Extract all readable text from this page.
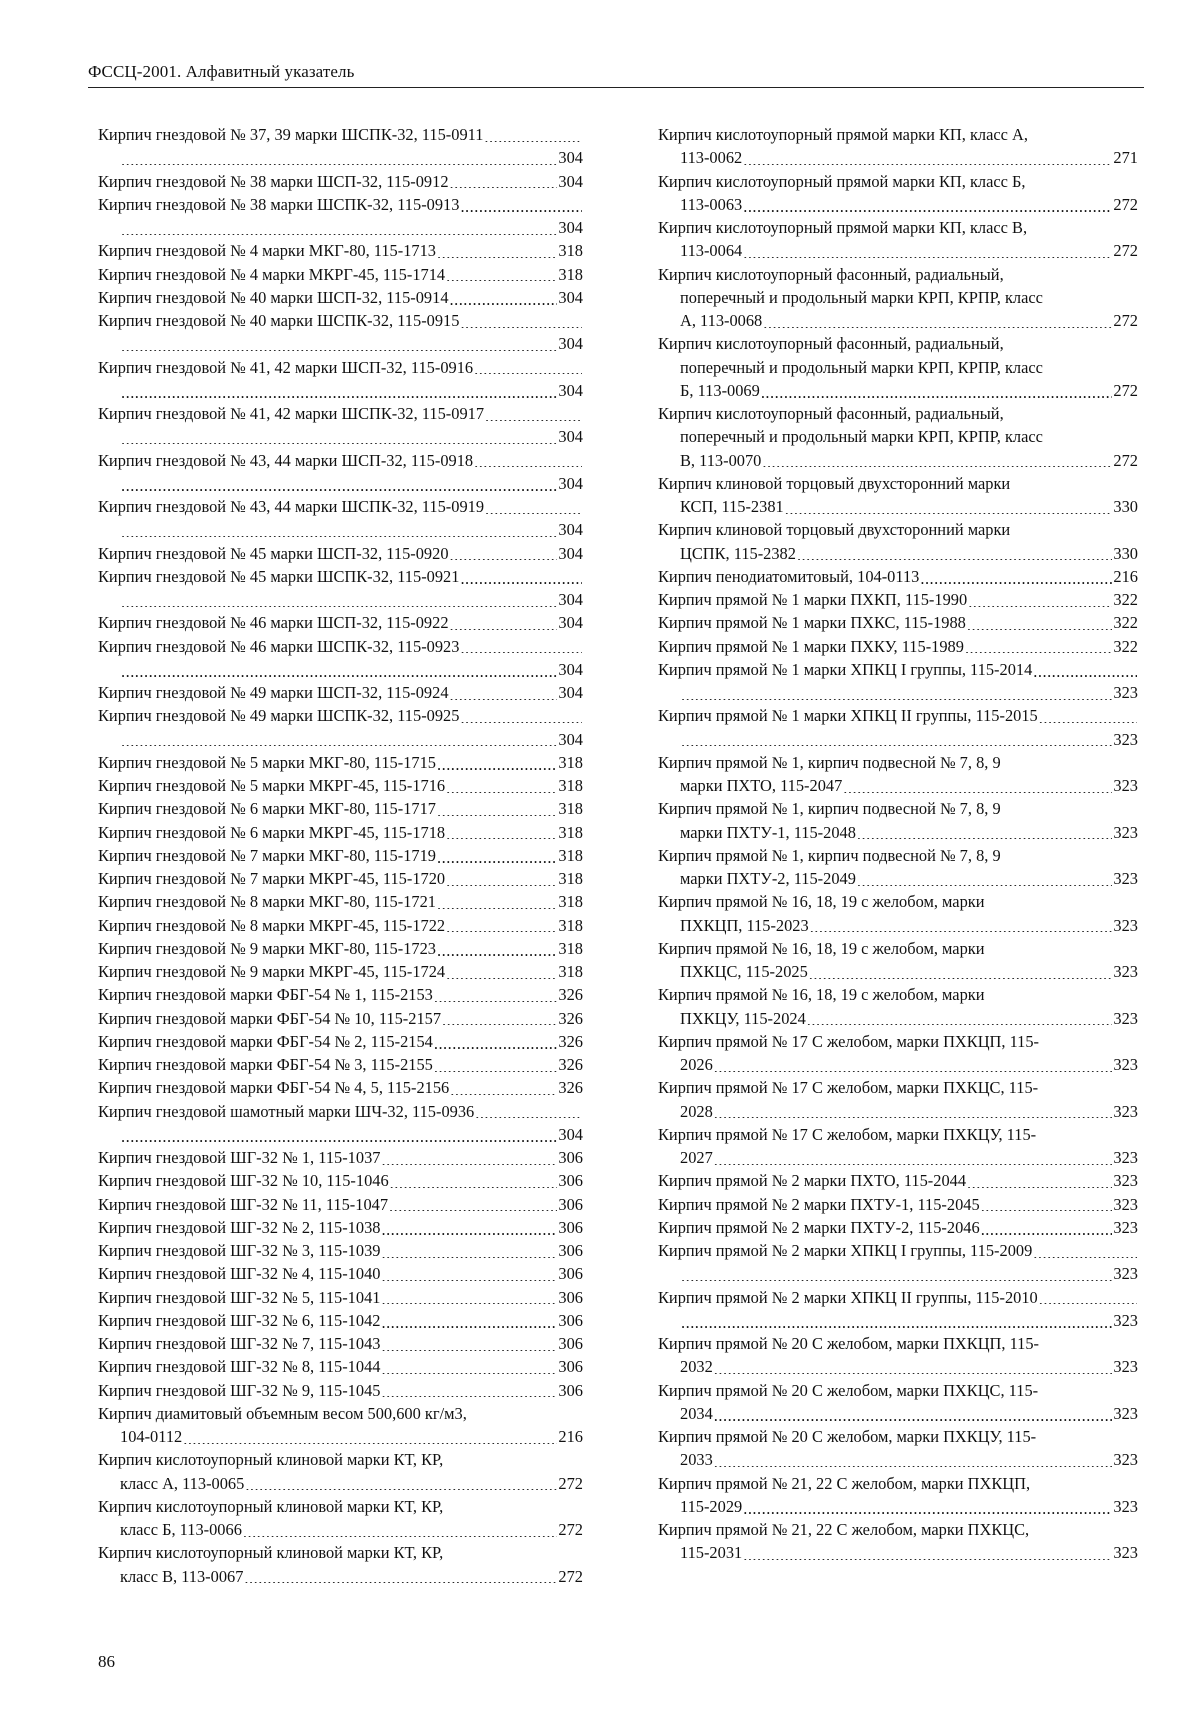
ФССЦ-2001. Алфавитный указатель
Кирпич гнездовой № 37, 39 марки ШСПК-32, 115-0911
.....
.....
304
Кирпич гнездовой № 38 марки ШСП-32, 115-0912 .....	304
Кирпич гнездовой № 38 марки ШСПК-32, 115-0913
.....
.....
304
Кирпич гнездовой № 4 марки МКГ-80, 115-1713 .....	318
Кирпич гнездовой № 4 марки МКРГ-45, 115-1714 .....	318
Кирпич гнездовой № 40 марки ШСП-32, 115-0914 .....	304
Кирпич гнездовой № 40 марки ШСПК-32, 115-0915
.....
.....
304
Кирпич гнездовой № 41, 42 марки ШСП-32, 115-0916
.....
.....
304
Кирпич гнездовой № 41, 42 марки ШСПК-32, 115-0917
.....
.....
304
Кирпич гнездовой № 43, 44 марки ШСП-32, 115-0918
.....
.....
304
Кирпич гнездовой № 43, 44 марки ШСПК-32, 115-0919
.....
.....
304
Кирпич гнездовой № 45 марки ШСП-32, 115-0920 .....	304
Кирпич гнездовой № 45 марки ШСПК-32, 115-0921
.....
.....
304
Кирпич гнездовой № 46 марки ШСП-32, 115-0922 .....	304
Кирпич гнездовой № 46 марки ШСПК-32, 115-0923
.....
.....
304
Кирпич гнездовой № 49 марки ШСП-32, 115-0924 .....	304
Кирпич гнездовой № 49 марки ШСПК-32, 115-0925
.....
.....
304
Кирпич гнездовой № 5 марки МКГ-80, 115-1715 .....	318
Кирпич гнездовой № 5 марки МКРГ-45, 115-1716 .....	318
Кирпич гнездовой № 6 марки МКГ-80, 115-1717 .....	318
Кирпич гнездовой № 6 марки МКРГ-45, 115-1718 .....	318
Кирпич гнездовой № 7 марки МКГ-80, 115-1719 .....	318
Кирпич гнездовой № 7 марки МКРГ-45, 115-1720 .....	318
Кирпич гнездовой № 8 марки МКГ-80, 115-1721 .....	318
Кирпич гнездовой № 8 марки МКРГ-45, 115-1722 .....	318
Кирпич гнездовой № 9 марки МКГ-80, 115-1723 .....	318
Кирпич гнездовой № 9 марки МКРГ-45, 115-1724 .....	318
Кирпич гнездовой марки ФБГ-54 № 1, 115-2153 .....	326
Кирпич гнездовой марки ФБГ-54 № 10, 115-2157 .....	326
Кирпич гнездовой марки ФБГ-54 № 2, 115-2154 .....	326
Кирпич гнездовой марки ФБГ-54 № 3, 115-2155 .....	326
Кирпич гнездовой марки ФБГ-54 № 4, 5, 115-2156 .....	326
Кирпич гнездовой шамотный марки ШЧ-32, 115-0936
.....
.....
304
Кирпич гнездовой ШГ-32 № 1, 115-1037 .....	306
Кирпич гнездовой ШГ-32 № 10, 115-1046 .....	306
Кирпич гнездовой ШГ-32 № 11, 115-1047 .....	306
Кирпич гнездовой ШГ-32 № 2, 115-1038 .....	306
Кирпич гнездовой ШГ-32 № 3, 115-1039 .....	306
Кирпич гнездовой ШГ-32 № 4, 115-1040 .....	306
Кирпич гнездовой ШГ-32 № 5, 115-1041 .....	306
Кирпич гнездовой ШГ-32 № 6, 115-1042 .....	306
Кирпич гнездовой ШГ-32 № 7, 115-1043 .....	306
Кирпич гнездовой ШГ-32 № 8, 115-1044 .....	306
Кирпич гнездовой ШГ-32 № 9, 115-1045 .....	306
Кирпич диамитовый объемным весом 500,600 кг/м3,
104-0112 .....	216
Кирпич кислотоупорный клиновой марки КТ, КР,
класс А, 113-0065 .....	272
Кирпич кислотоупорный клиновой марки КТ, КР,
класс Б, 113-0066 .....	272
Кирпич кислотоупорный клиновой марки КТ, КР,
класс В, 113-0067 .....	272
Кирпич кислотоупорный прямой марки КП, класс А,
113-0062 .....	271
Кирпич кислотоупорный прямой марки КП, класс Б,
113-0063 .....	272
Кирпич кислотоупорный прямой марки КП, класс В,
113-0064 .....	272
Кирпич кислотоупорный фасонный, радиальный,
поперечный и продольный марки КРП, КРПР, класс
А, 113-0068 .....	272
Кирпич кислотоупорный фасонный, радиальный,
поперечный и продольный марки КРП, КРПР, класс
Б, 113-0069 .....	272
Кирпич кислотоупорный фасонный, радиальный,
поперечный и продольный марки КРП, КРПР, класс
В, 113-0070 .....	272
Кирпич клиновой торцовый двухсторонний марки
КСП, 115-2381 .....	330
Кирпич клиновой торцовый двухсторонний марки
ЦСПК, 115-2382 .....	330
Кирпич пенодиатомитовый, 104-0113 .....	216
Кирпич прямой № 1 марки ПХКП, 115-1990 .....	322
Кирпич прямой № 1 марки ПХКС, 115-1988 .....	322
Кирпич прямой № 1 марки ПХКУ, 115-1989 .....	322
Кирпич прямой № 1 марки ХПКЦ I группы, 115-2014
.....
.....
323
Кирпич прямой № 1 марки ХПКЦ II группы, 115-2015
.....
.....
323
Кирпич прямой № 1, кирпич подвесной № 7, 8, 9
марки ПХТО, 115-2047 .....	323
Кирпич прямой № 1, кирпич подвесной № 7, 8, 9
марки ПХТУ-1, 115-2048 .....	323
Кирпич прямой № 1, кирпич подвесной № 7, 8, 9
марки ПХТУ-2, 115-2049 .....	323
Кирпич прямой № 16, 18, 19 с желобом, марки
ПХКЦП, 115-2023 .....	323
Кирпич прямой № 16, 18, 19 с желобом, марки
ПХКЦС, 115-2025 .....	323
Кирпич прямой № 16, 18, 19 с желобом, марки
ПХКЦУ, 115-2024 .....	323
Кирпич прямой № 17 С желобом, марки ПХКЦП, 115-
2026 .....	323
Кирпич прямой № 17 С желобом, марки ПХКЦС, 115-
2028 .....	323
Кирпич прямой № 17 С желобом, марки ПХКЦУ, 115-
2027 .....	323
Кирпич прямой № 2 марки ПХТО, 115-2044 .....	323
Кирпич прямой № 2 марки ПХТУ-1, 115-2045 .....	323
Кирпич прямой № 2 марки ПХТУ-2, 115-2046 .....	323
Кирпич прямой № 2 марки ХПКЦ I группы, 115-2009
.....
.....
323
Кирпич прямой № 2 марки ХПКЦ II группы, 115-2010
.....
.....
323
Кирпич прямой № 20 С желобом, марки ПХКЦП, 115-
2032 .....	323
Кирпич прямой № 20 С желобом, марки ПХКЦС, 115-
2034 .....	323
Кирпич прямой № 20 С желобом, марки ПХКЦУ, 115-
2033 .....	323
Кирпич прямой № 21, 22 С желобом, марки ПХКЦП,
115-2029 .....	323
Кирпич прямой № 21, 22 С желобом, марки ПХКЦС,
115-2031 .....	323
86
